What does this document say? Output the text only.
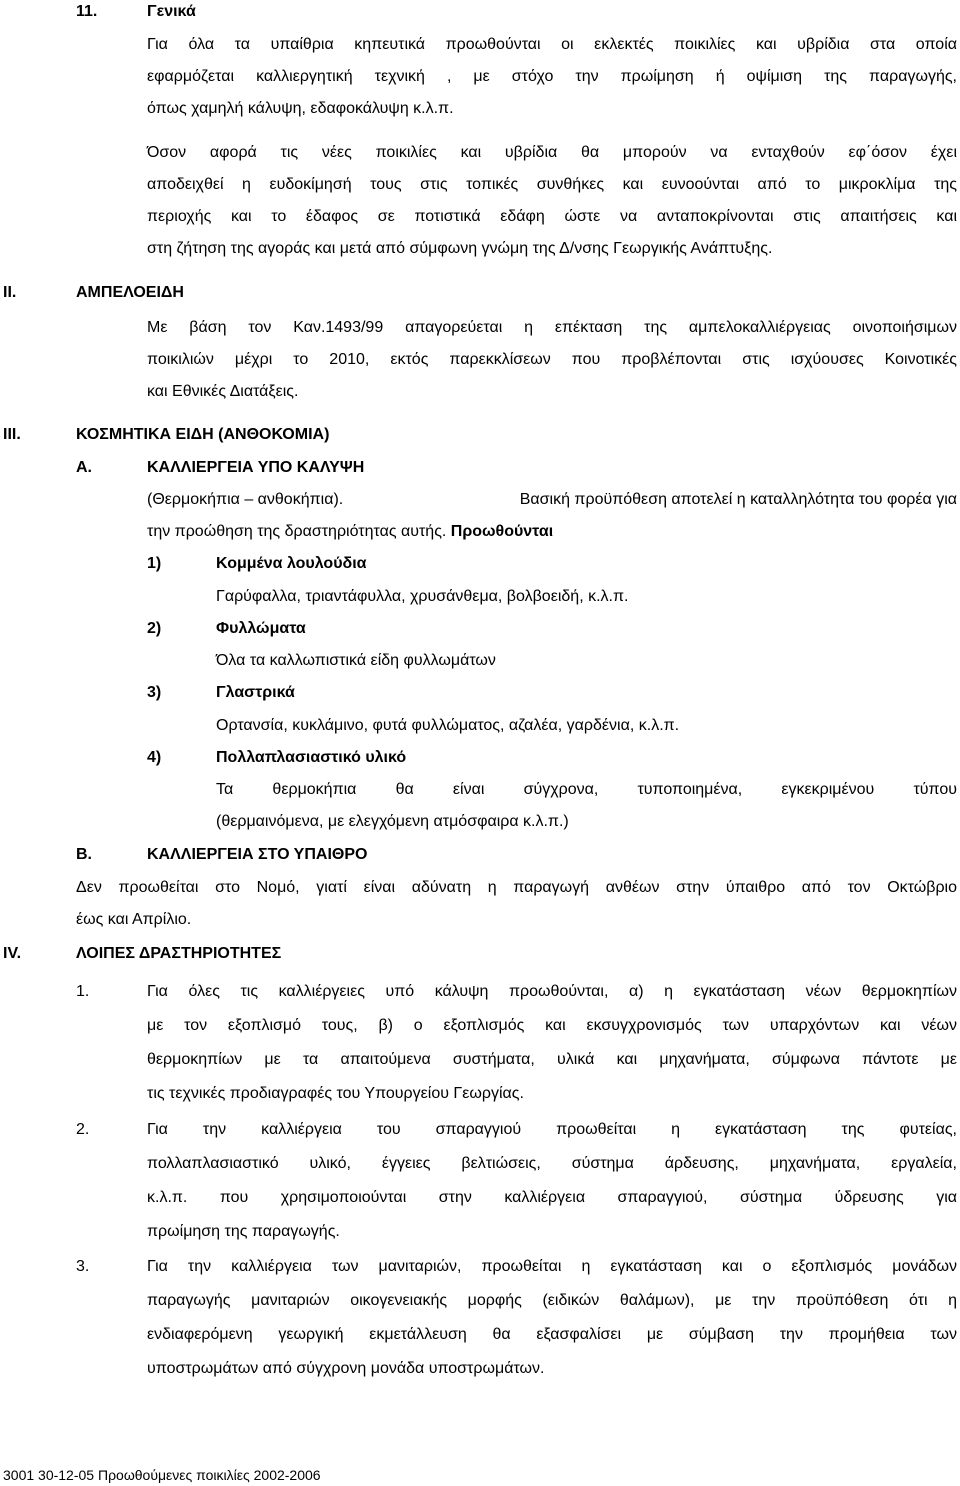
11.	Γενικά
Για όλα τα υπαίθρια κηπευτικά προωθούνται οι εκλεκτές ποικιλίες και υβρίδια στα οποία
εφαρμόζεται καλλιεργητική τεχνική , με στόχο την πρωίμηση ή οψίμιση της παραγωγής,
όπως χαμηλή κάλυψη, εδαφοκάλυψη κ.λ.π.
Όσον αφορά τις νέες ποικιλίες και υβρίδια θα μπορούν να ενταχθούν εφ΄όσον έχει
αποδειχθεί η ευδοκίμησή τους στις τοπικές συνθήκες και ευνοούνται από το μικροκλίμα της
περιοχής και το έδαφος σε ποτιστικά εδάφη ώστε να ανταποκρίνονται στις απαιτήσεις και
στη ζήτηση της αγοράς και μετά από σύμφωνη γνώμη της Δ/νσης Γεωργικής Ανάπτυξης.
II.	ΑΜΠΕΛΟΕΙΔΗ
Με βάση τον Καν.1493/99 απαγορεύεται η επέκταση της αμπελοκαλλιέργειας οινοποιήσιμων
ποικιλιών μέχρι το 2010, εκτός παρεκκλίσεων που προβλέπονται στις ισχύουσες Κοινοτικές
και Εθνικές Διατάξεις.
III.	ΚΟΣΜΗΤΙΚΑ ΕΙΔΗ (ΑΝΘΟΚΟΜΙΑ)
Α.	ΚΑΛΛΙΕΡΓΕΙΑ ΥΠΟ ΚΑΛΥΨΗ
(Θερμοκήπια – ανθοκήπια).	Βασική προϋπόθεση αποτελεί η καταλληλότητα του φορέα για
την προώθηση της δραστηριότητας αυτής. Προωθούνται
1)	Κομμένα λουλούδια
Γαρύφαλλα, τριαντάφυλλα, χρυσάνθεμα, βολβοειδή, κ.λ.π.
2)	Φυλλώματα
Όλα τα καλλωπιστικά είδη φυλλωμάτων
3)	Γλαστρικά
Ορτανσία, κυκλάμινο, φυτά φυλλώματος, αζαλέα, γαρδένια, κ.λ.π.
4)	Πολλαπλασιαστικό υλικό
Τα θερμοκήπια θα είναι σύγχρονα, τυποποιημένα, εγκεκριμένου τύπου
(θερμαινόμενα, με ελεγχόμενη ατμόσφαιρα κ.λ.π.)
Β.	ΚΑΛΛΙΕΡΓΕΙΑ ΣΤΟ ΥΠΑΙΘΡΟ
Δεν προωθείται στο Νομό, γιατί είναι αδύνατη η παραγωγή ανθέων στην ύπαιθρο από τον Οκτώβριο
έως και Απρίλιο.
IV.	ΛΟΙΠΕΣ ΔΡΑΣΤΗΡΙΟΤΗΤΕΣ
1.	Για όλες τις καλλιέργειες υπό κάλυψη προωθούνται, α) η εγκατάσταση νέων θερμοκηπίων
με τον εξοπλισμό τους, β) ο εξοπλισμός και εκσυγχρονισμός των υπαρχόντων και νέων
θερμοκηπίων με τα απαιτούμενα συστήματα, υλικά και μηχανήματα, σύμφωνα πάντοτε με
τις τεχνικές προδιαγραφές του Υπουργείου Γεωργίας.
2.	Για την καλλιέργεια του σπαραγγιού προωθείται η εγκατάσταση της φυτείας,
πολλαπλασιαστικό υλικό, έγγειες βελτιώσεις, σύστημα άρδευσης, μηχανήματα, εργαλεία,
κ.λ.π. που χρησιμοποιούνται στην καλλιέργεια σπαραγγιού, σύστημα ύδρευσης για
πρωίμηση της παραγωγής.
3.	Για την καλλιέργεια των μανιταριών, προωθείται η εγκατάσταση και ο εξοπλισμός μονάδων
παραγωγής μανιταριών οικογενειακής μορφής (ειδικών θαλάμων), με την προϋπόθεση ότι η
ενδιαφερόμενη γεωργική εκμετάλλευση θα εξασφαλίσει με σύμβαση την προμήθεια των
υποστρωμάτων από σύγχρονη μονάδα υποστρωμάτων.
3001 30-12-05 Προωθούμενες ποικιλίες 2002-2006
